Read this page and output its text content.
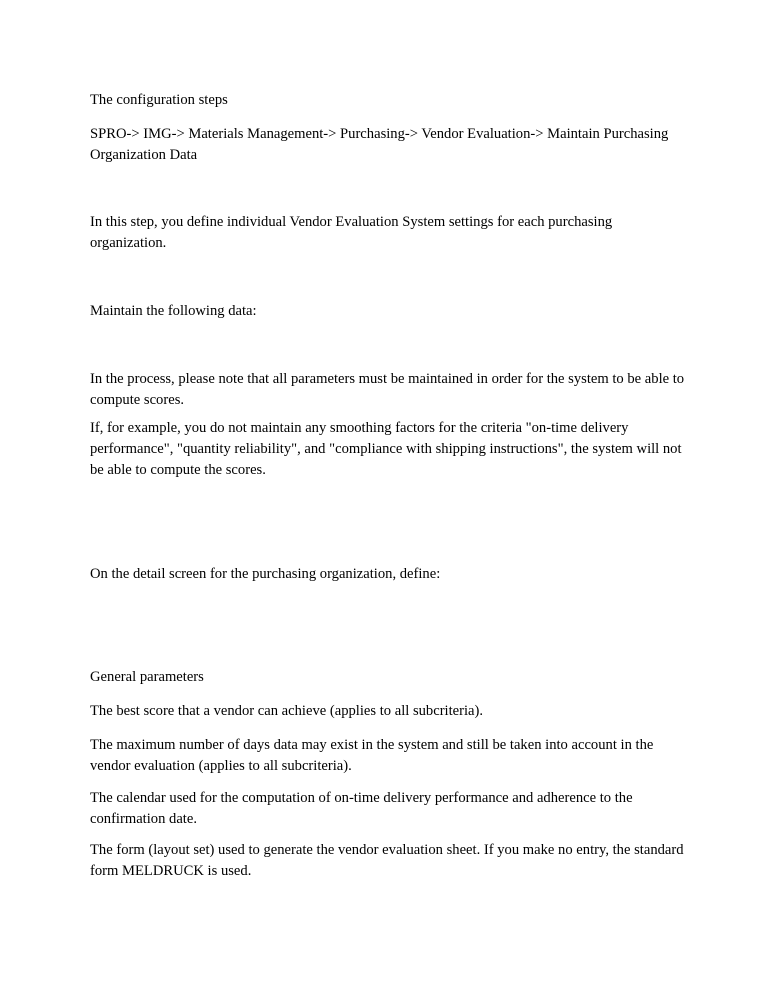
The configuration steps

SPRO-> IMG-> Materials Management-> Purchasing-> Vendor Evaluation-> Maintain Purchasing Organization Data

In this step, you define individual Vendor Evaluation System settings for each purchasing organization.

Maintain the following data:

In the process, please note that all parameters must be maintained in order for the system to be able to compute scores.

If, for example, you do not maintain any smoothing factors for the criteria "on-time delivery performance", "quantity reliability", and "compliance with shipping instructions", the system will not be able to compute the scores.

On the detail screen for the purchasing organization, define:

General parameters

The best score that a vendor can achieve (applies to all subcriteria).

The maximum number of days data may exist in the system and still be taken into account in the vendor evaluation (applies to all subcriteria).

The calendar used for the computation of on-time delivery performance and adherence to the confirmation date.

The form (layout set) used to generate the vendor evaluation sheet. If you make no entry, the standard form MELDRUCK is used.
